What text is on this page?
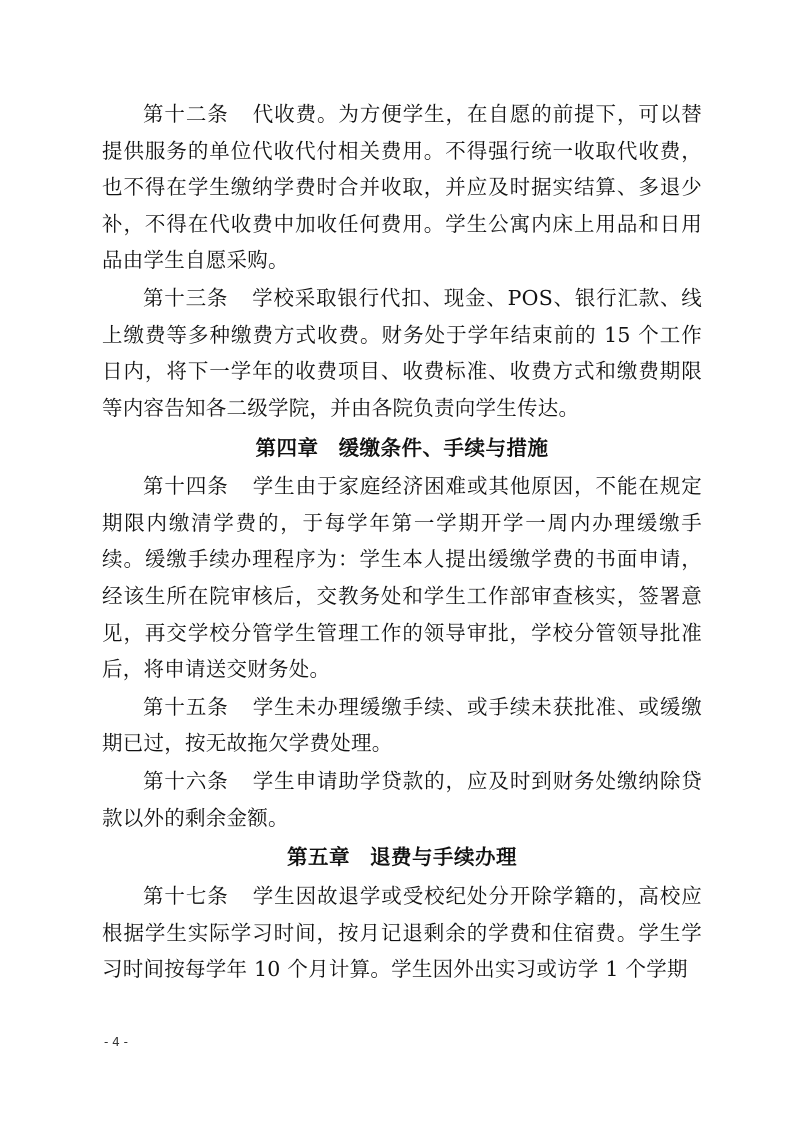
第十二条 代收费。为方便学生，在自愿的前提下，可以替提供服务的单位代收代付相关费用。不得强行统一收取代收费，也不得在学生缴纳学费时合并收取，并应及时据实结算、多退少补，不得在代收费中加收任何费用。学生公寓内床上用品和日用品由学生自愿采购。

第十三条 学校采取银行代扣、现金、POS、银行汇款、线上缴费等多种缴费方式收费。财务处于学年结束前的 15 个工作日内，将下一学年的收费项目、收费标准、收费方式和缴费期限等内容告知各二级学院，并由各院负责向学生传达。

第四章 缓缴条件、手续与措施

第十四条 学生由于家庭经济困难或其他原因，不能在规定期限内缴清学费的，于每学年第一学期开学一周内办理缓缴手续。缓缴手续办理程序为：学生本人提出缓缴学费的书面申请，经该生所在院审核后，交教务处和学生工作部审查核实，签署意见，再交学校分管学生管理工作的领导审批，学校分管领导批准后，将申请送交财务处。

第十五条 学生未办理缓缴手续、或手续未获批准、或缓缴期已过，按无故拖欠学费处理。

第十六条 学生申请助学贷款的，应及时到财务处缴纳除贷款以外的剩余金额。

第五章 退费与手续办理

第十七条 学生因故退学或受校纪处分开除学籍的，高校应根据学生实际学习时间，按月记退剩余的学费和住宿费。学生学习时间按每学年 10 个月计算。学生因外出实习或访学 1 个学期

- 4 -
